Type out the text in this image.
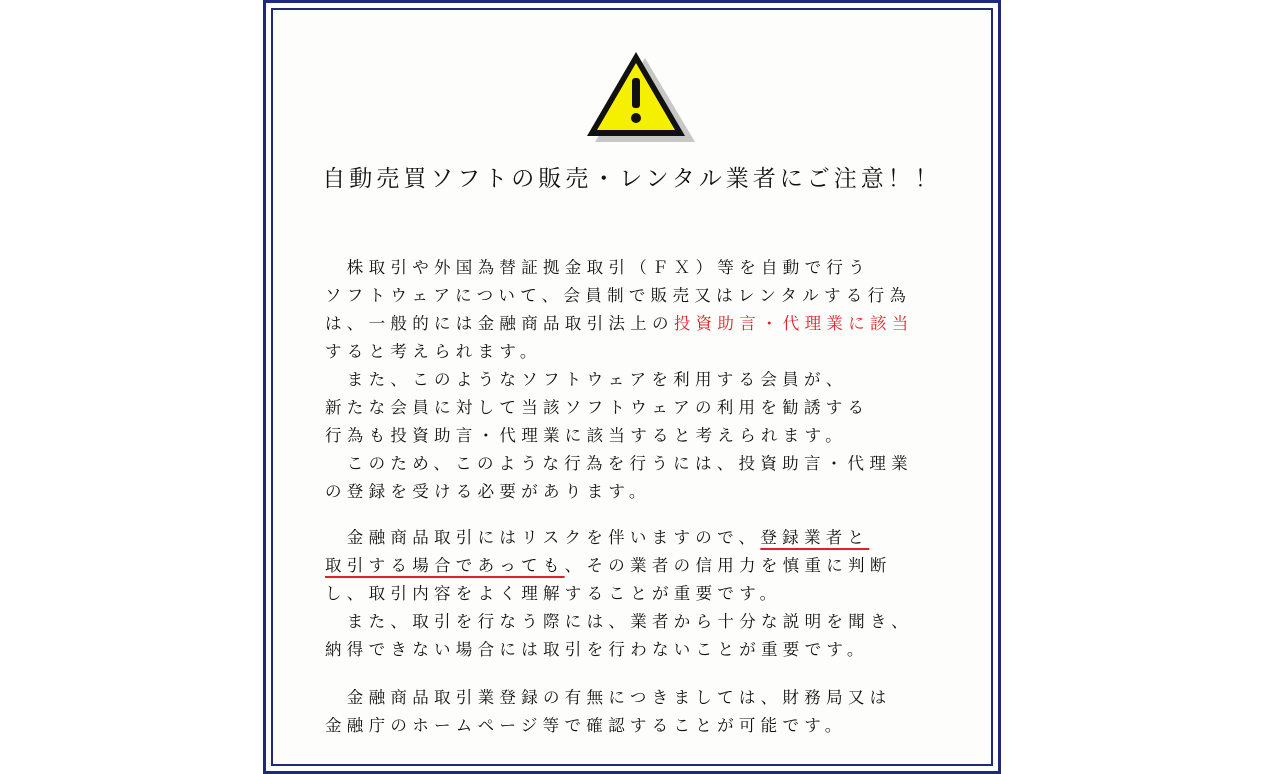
自動売買ソフトの販売・レンタル業者にご注意！！
　株取引や外国為替証拠金取引（ＦＸ）等を自動で行う
ソフトウェアについて、会員制で販売又はレンタルする行為
は、一般的には金融商品取引法上の投資助言・代理業に該当
すると考えられます。
　また、このようなソフトウェアを利用する会員が、
新たな会員に対して当該ソフトウェアの利用を勧誘する
行為も投資助言・代理業に該当すると考えられます。
　このため、このような行為を行うには、投資助言・代理業
の登録を受ける必要があります。
　金融商品取引にはリスクを伴いますので、登録業者と
取引する場合であっても、その業者の信用力を慎重に判断
し、取引内容をよく理解することが重要です。
　また、取引を行なう際には、業者から十分な説明を聞き、
納得できない場合には取引を行わないことが重要です。
　金融商品取引業登録の有無につきましては、財務局又は
金融庁のホームページ等で確認することが可能です。
